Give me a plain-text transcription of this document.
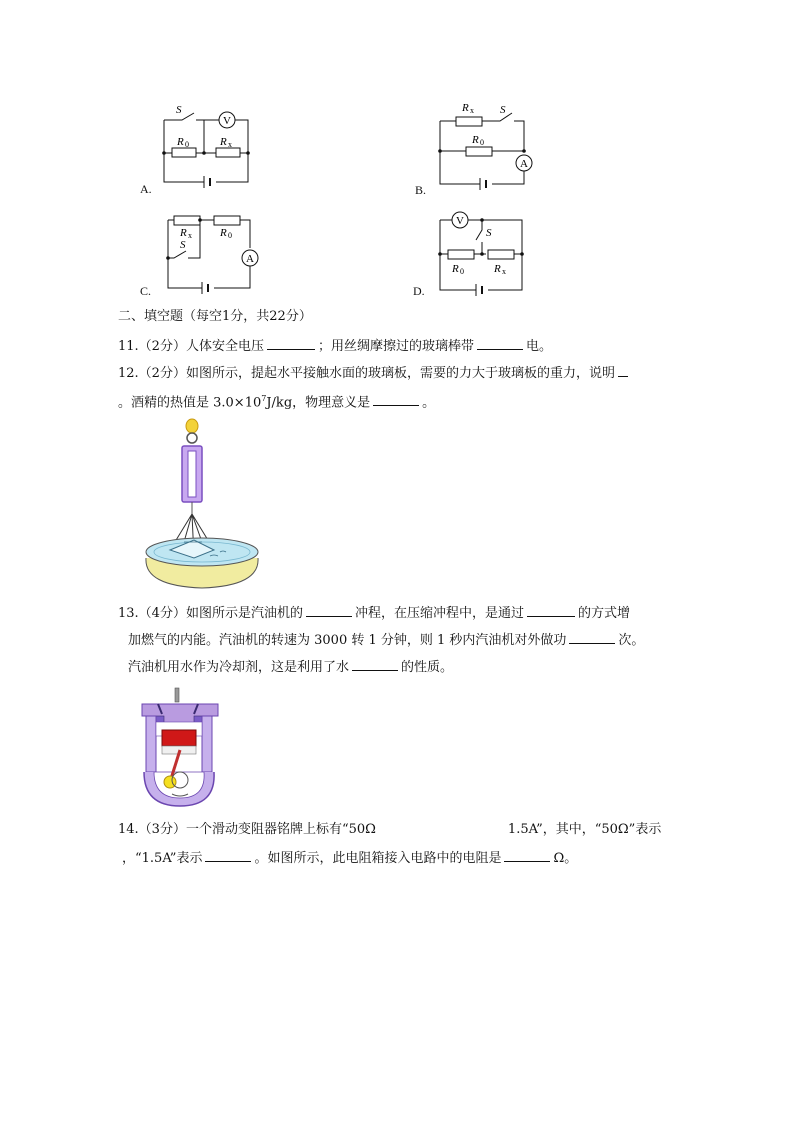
V
S
R 0	R x
A.
A
R x S
R 0
B.
A
R x
S
R 0
C.
V
S
R 0	R x
D.
二、填空题（每空1分，共22分）
11.（2分）人体安全电压	；用丝绸摩擦过的玻璃棒带	电。
12.（2分）如图所示，提起水平接触水面的玻璃板，需要的力大于玻璃板的重力，说明
。酒精的热值是 $3.0\times 10^7J/kg$，物理意义是	。
13.（4分）如图所示是汽油机的	冲程，在压缩冲程中，是通过	的方式增
加燃气的内能。汽油机的转速为 3000 转 1 分钟，则 1 秒内汽油机对外做功	次。
汽油机用水作为冷却剂，这是利用了水	的性质。
14.（3分）一个滑动变阻器铭牌上标有“50Ω	1.5A”，其中，“50Ω”表示
，“1.5A”表示	。如图所示，此电阻箱接入电路中的电阻是	Ω。
